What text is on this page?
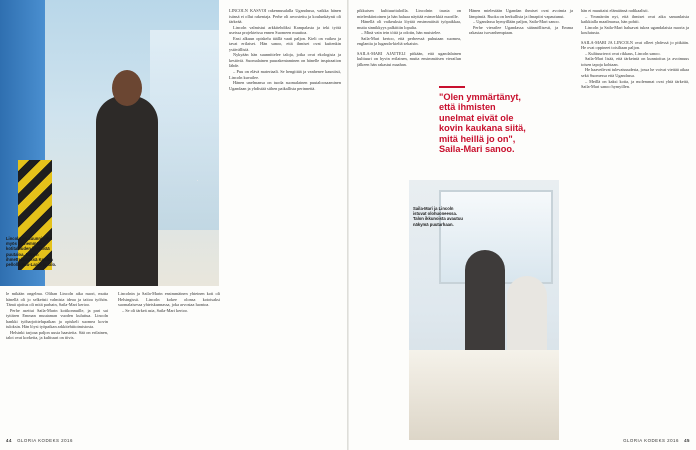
Lincoln on suunnitellut myös pienemmän kotitalouden kestävää puutaloa. Hänen ihmettelemässä Koulua pellolla puu-Lapin ja talo.

le mikään ongelma. Olihan Lincoln aika nuori, mutta hänellä oli jo selkeästi valmista ideaa ja taitoa työhön. Tämä ajoitus oli mitä parhain, Saila-Mari kertoo.

Perhe asettui Saila-Marin kotikonnuille, ja pari sai tyttären Emman muutaman vuoden kuluttua. Lincoln hankki työharjoittelupaikan ja opiskeli suomea kovin tuloksin. Hän löysi työpaikan arkkitehtitoimistosta.

Helsinki tarjoaa paljon uusia haasteita. Sää on erilainen, talot ovat korkeita, ja kulttuuri on tiivis.

Lincolnin ja Saila-Marin ensimmäinen yhteinen koti oli Helsingissä. Lincoln kokee olonsa kotoisaksi suomalaisessa yhteiskunnassa, joka arvostaa luontoa.

– Se oli tärkeä asia, Saila-Mari kertoo.

LINCOLN KASVOI rakennusalalla Ugandassa, vaikka hänen isänsä ei ollut rakentaja. Perhe oli arvostettu ja koulunkäynti oli tärkeää.

Lincoln valmistui arkkitehdiksi Kampalasta ja teki työtä useissa projekteissa ennen Suomeen muuttoa.

Ensi alkuun opiskelu täällä vaati paljon. Kieli on vaikea ja tavat erilaiset. Hän sanoo, että ihmiset ovat kuitenkin ystävällisiä.

Nykyään hän suunnittelee taloja, jotka ovat ekologisia ja kestäviä. Suomalainen puurakentaminen on hänelle inspiraation lähde.

– Puu on elävä materiaali. Se hengittää ja vanhenee kauniisti, Lincoln kuvailee.

Hänen unelmansa on tuoda suomalainen puutaloosaaminen Ugandaan ja yhdistää siihen paikallista perinnettä.

44 GLORIA KODEKS 2016

pikkuisen kulttuuritaloilla. Lincolnin tausta on mielenkiintoinen ja hän haluaa näyttää esimerkkiä nuorille.

Hänellä oli vaikeuksia löytää ensimmäistä työpaikkaa, mutta sinnikkyys palkittiin lopulta.

– Minä vain tein töitä ja odotin, hän muistelee.

Saila-Mari kertoo, että perheessä puhutaan suomea, englantia ja luganda-kieltä sekaisin.

SAILA-MARI AJATTELI pitkään, että ugandalainen kulttuuri on hyvin erilainen, mutta ensimmäisen vierailun jälkeen hän rakastui maahan.

Hänen mielestään Ugandan ihmiset ovat avoimia ja lämpimiä. Ruoka on herkullista ja ilmapiiri vapautunut.

– Ugandassa hymyillään paljon, Saila-Mari sanoo.

Perhe vierailee Ugandassa säännöllisesti, ja Emma rakastaa isovanhempiaan.

"Olen ymmärtänyt, että ihmisten unelmat eivät ole kovin kaukana siitä, mitä heillä jo on", Saila-Mari sanoo.
Saila-Mari ja Lincoln istuvat olohuoneessa. Talon ikkunoista avautuu näkymä puutarhaan.

hän ei muuttaisi elämäänsä radikaalisti.

– Ymmärrän nyt, että ihmiset ovat aika samanlaisia kaikkialla maailmassa, hän pohtii.

Lincoln ja Saila-Mari haluavat tukea ugandalaisia nuoria ja koulutusta.

SAILA-MARI JA LINCOLN ovat olleet yhdessä jo pitkään. He ovat oppineet toisiltaan paljon.

– Kulttuurierot ovat rikkaus, Lincoln sanoo.

Saila-Mari lisää, että tärkeintä on kunnioitus ja avoimuus toisen tapoja kohtaan.

He haaveilevat tulevaisuudesta, jossa he voivat viettää aikaa sekä Suomessa että Ugandassa.

– Meillä on kaksi kotia, ja molemmat ovat yhtä tärkeitä, Saila-Mari sanoo hymyillen.

GLORIA KODEKS 2016 45
